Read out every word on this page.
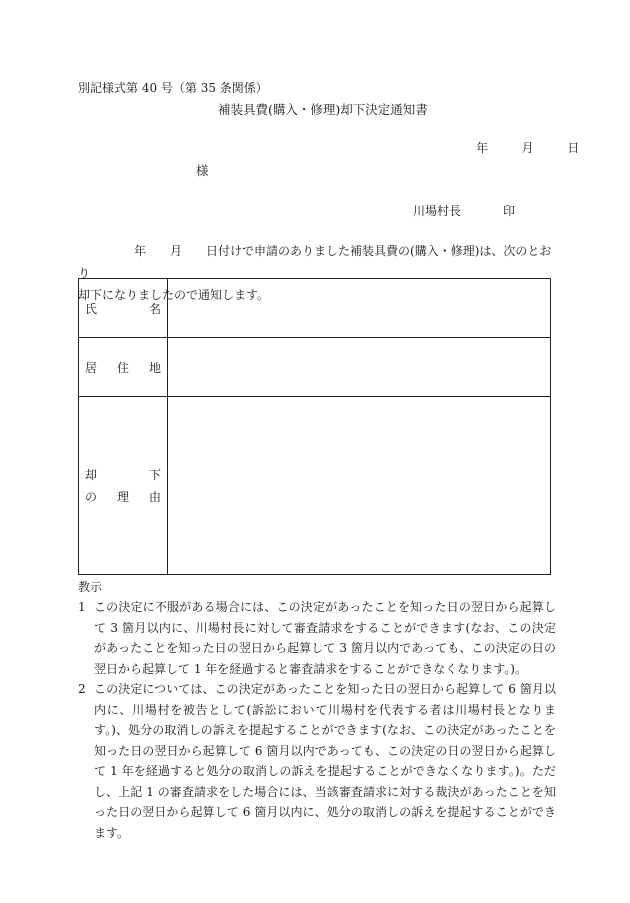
別記様式第 40 号（第 35 条関係）
補装具費(購入・修理)却下決定通知書
年	月	日
様
川場村長	印
年 月 日付けで申請のありました補装具費の(購入・修理)は、次のとおり
却下になりましたので通知します。
氏 名	

居 住 地	

却 下
の 理 由	

教示
1 この決定に不服がある場合には、この決定があったことを知った日の翌日から起算して 3 箇月以内に、川場村長に対して審査請求をすることができます(なお、この決定があったことを知った日の翌日から起算して 3 箇月以内であっても、この決定の日の翌日から起算して 1 年を経過すると審査請求をすることができなくなります。)。
2 この決定については、この決定があったことを知った日の翌日から起算して 6 箇月以内に、川場村を被告として(訴訟において川場村を代表する者は川場村長となります。)、処分の取消しの訴えを提起することができます(なお、この決定があったことを知った日の翌日から起算して 6 箇月以内であっても、この決定の日の翌日から起算して 1 年を経過すると処分の取消しの訴えを提起することができなくなります。)。ただし、上記 1 の審査請求をした場合には、当該審査請求に対する裁決があったことを知った日の翌日から起算して 6 箇月以内に、処分の取消しの訴えを提起することができます。
